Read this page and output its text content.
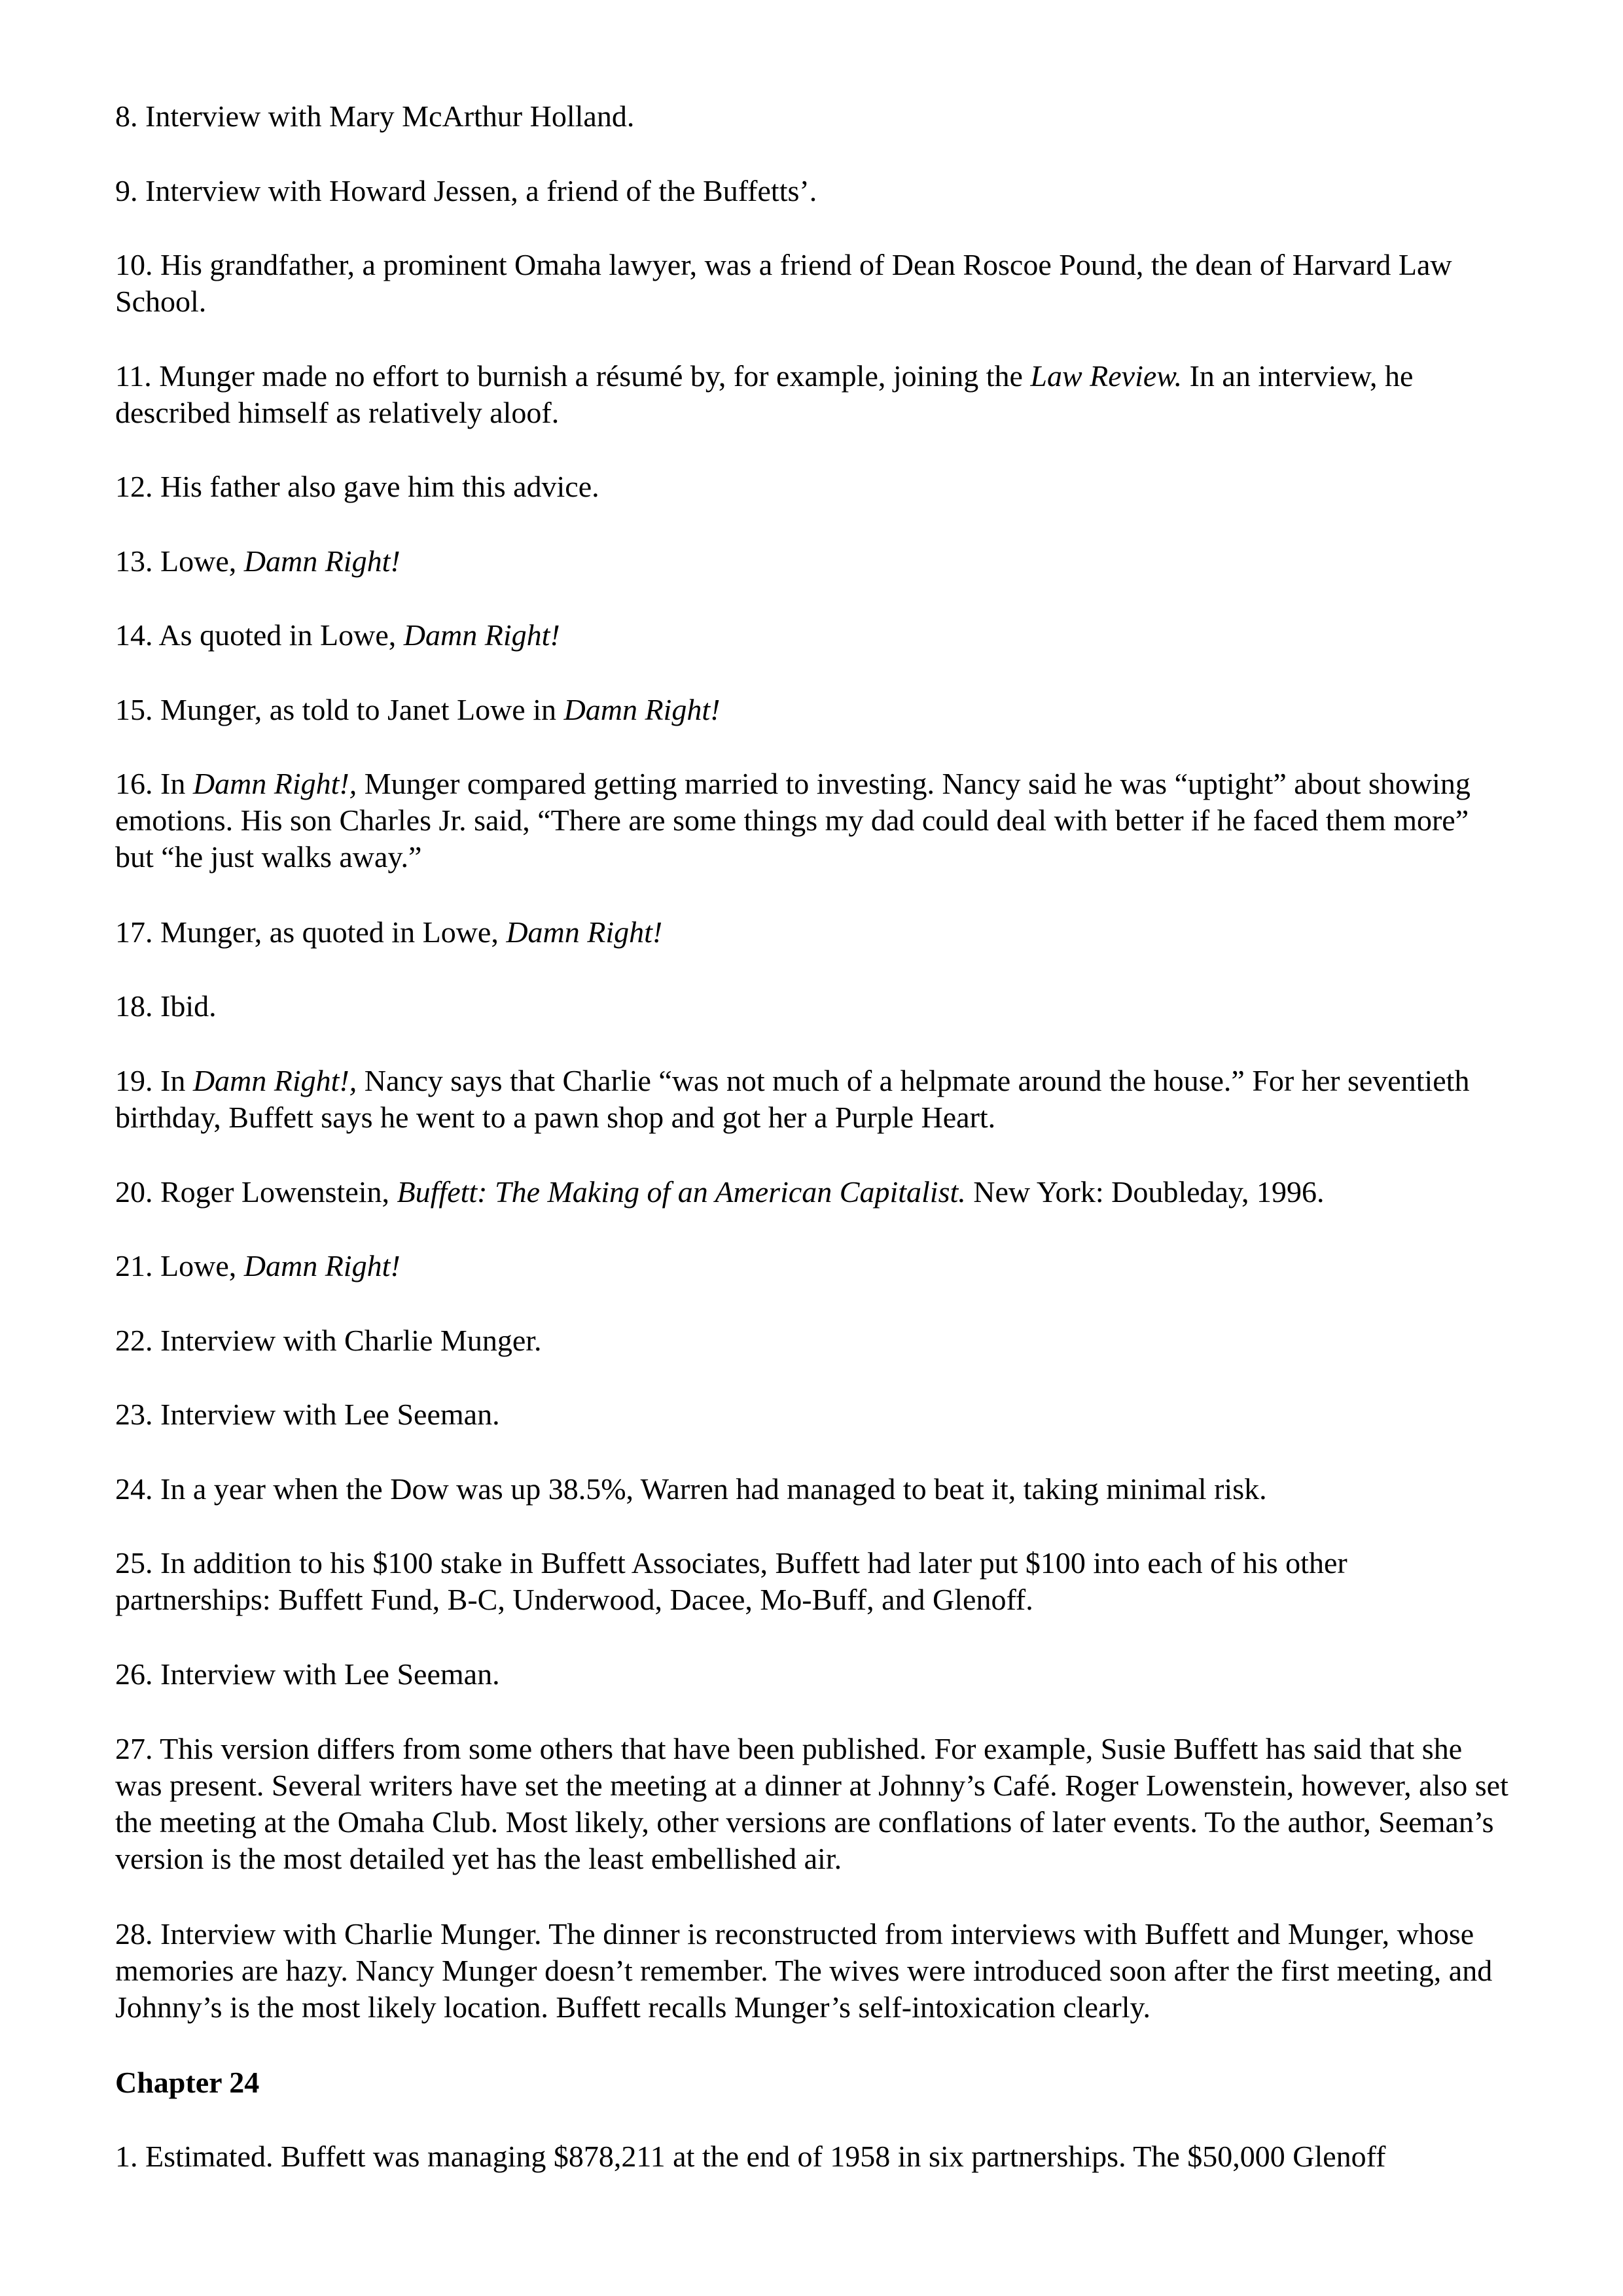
8. Interview with Mary McArthur Holland.

9. Interview with Howard Jessen, a friend of the Buffetts’.

10. His grandfather, a prominent Omaha lawyer, was a friend of Dean Roscoe Pound, the dean of Harvard Law School.

11. Munger made no effort to burnish a résumé by, for example, joining the Law Review. In an interview, he described himself as relatively aloof.

12. His father also gave him this advice.

13. Lowe, Damn Right!

14. As quoted in Lowe, Damn Right!

15. Munger, as told to Janet Lowe in Damn Right!

16. In Damn Right!, Munger compared getting married to investing. Nancy said he was “uptight” about showing emotions. His son Charles Jr. said, “There are some things my dad could deal with better if he faced them more” but “he just walks away.”

17. Munger, as quoted in Lowe, Damn Right!

18. Ibid.

19. In Damn Right!, Nancy says that Charlie “was not much of a helpmate around the house.” For her seventieth birthday, Buffett says he went to a pawn shop and got her a Purple Heart.

20. Roger Lowenstein, Buffett: The Making of an American Capitalist. New York: Doubleday, 1996.

21. Lowe, Damn Right!

22. Interview with Charlie Munger.

23. Interview with Lee Seeman.

24. In a year when the Dow was up 38.5%, Warren had managed to beat it, taking minimal risk.

25. In addition to his $100 stake in Buffett Associates, Buffett had later put $100 into each of his other partnerships: Buffett Fund, B-C, Underwood, Dacee, Mo-Buff, and Glenoff.

26. Interview with Lee Seeman.

27. This version differs from some others that have been published. For example, Susie Buffett has said that she was present. Several writers have set the meeting at a dinner at Johnny’s Café. Roger Lowenstein, however, also set the meeting at the Omaha Club. Most likely, other versions are conflations of later events. To the author, Seeman’s version is the most detailed yet has the least embellished air.

28. Interview with Charlie Munger. The dinner is reconstructed from interviews with Buffett and Munger, whose memories are hazy. Nancy Munger doesn’t remember. The wives were introduced soon after the first meeting, and Johnny’s is the most likely location. Buffett recalls Munger’s self-intoxication clearly.

Chapter 24

1. Estimated. Buffett was managing $878,211 at the end of 1958 in six partnerships. The $50,000 Glenoff
